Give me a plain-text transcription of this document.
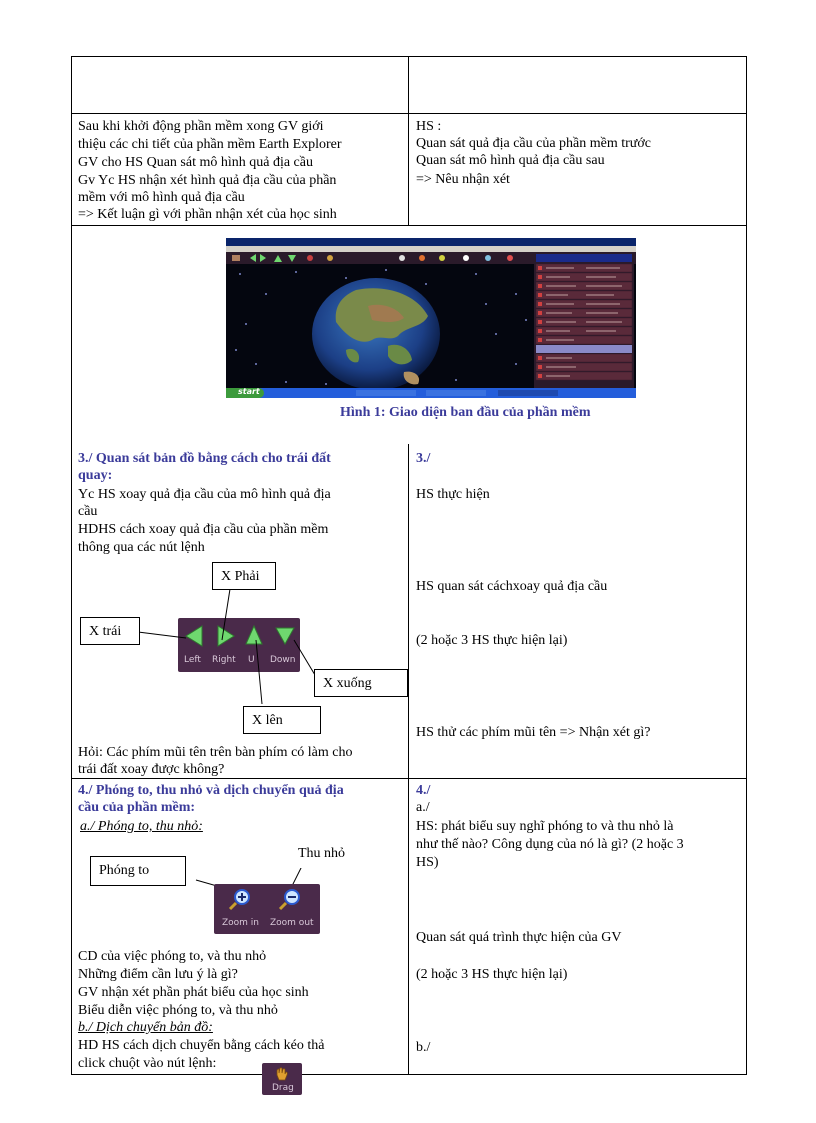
Sau khi khởi động phần mềm xong GV giới
thiệu các chi tiết của phần mềm Earth Explorer
GV cho HS Quan sát mô hình quả địa cầu
Gv Yc HS nhận xét hình quả địa cầu của phần
mềm với mô hình quả địa cầu
=> Kết luận gì với phần nhận xét của học sinh
HS :
Quan sát quả địa cầu của phần mềm trước
Quan sát mô hình quả địa cầu sau
=> Nêu nhận xét
start
Hình 1: Giao diện ban đầu của phần mềm
3./ Quan sát bản đồ bằng cách cho trái đất
quay:
Yc HS xoay quả địa cầu của mô hình quả địa
cầu
HDHS cách xoay quả địa cầu của phần mềm
thông qua các nút lệnh
Left Right U Down
X Phải
X trái
X xuống
X lên
Hỏi: Các phím mũi tên trên bàn phím có làm cho
trái đất xoay được không?
3./
HS thực hiện
HS quan sát cáchxoay quả địa cầu
(2 hoặc 3 HS thực hiện lại)
HS thử các phím mũi tên => Nhận xét gì?
4./ Phóng to, thu nhỏ và dịch chuyển quả địa
cầu của phần mềm:
a./ Phóng to, thu nhỏ:
Thu nhỏ
Phóng to
Zoom in Zoom out
CD của việc phóng to, và thu nhỏ
Những điểm cần lưu ý là gì?
GV nhận xét phần phát biểu của học sinh
Biểu diễn việc phóng to, và thu nhỏ
b./ Dịch chuyển bản đồ:
HD HS cách dịch chuyển bằng cách kéo thả
click chuột vào nút lệnh:
Drag
4./
a./
HS: phát biểu suy nghĩ phóng to và thu nhỏ là
như thế nào? Công dụng của nó là gì? (2 hoặc 3
HS)
Quan sát quá trình thực hiện của GV
(2 hoặc 3 HS thực hiện lại)
b./
